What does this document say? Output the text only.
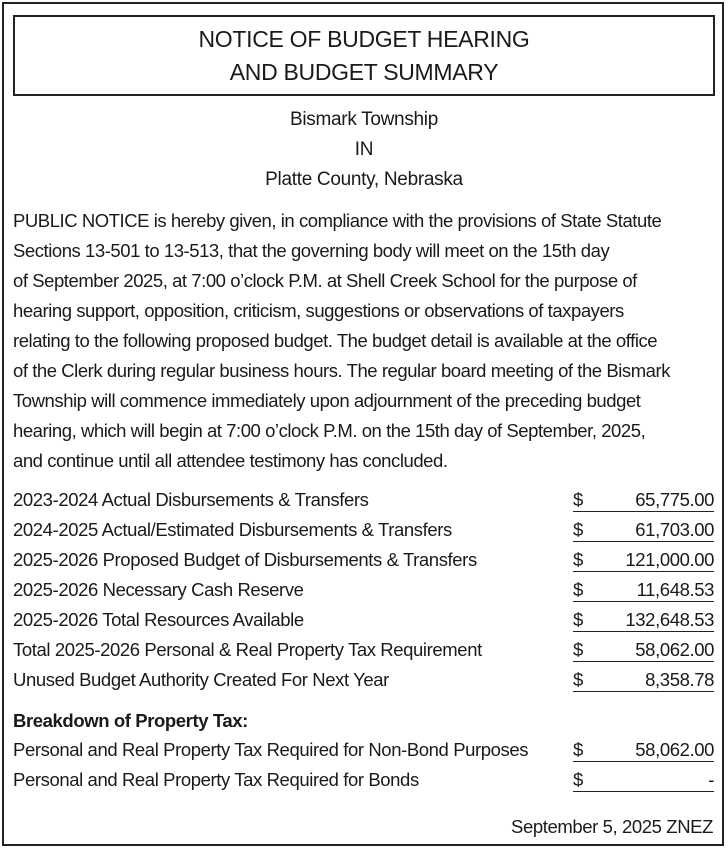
NOTICE OF BUDGET HEARING
AND BUDGET SUMMARY
Bismark Township
IN
Platte County, Nebraska
PUBLIC NOTICE is hereby given, in compliance with the provisions of State Statute
Sections 13-501 to 13-513, that the governing body will meet on the 15th day
of September 2025, at 7:00 o’clock P.M. at Shell Creek School for the purpose of
hearing support, opposition, criticism, suggestions or observations of taxpayers
relating to the following proposed budget. The budget detail is available at the office
of the Clerk during regular business hours. The regular board meeting of the Bismark
Township will commence immediately upon adjournment of the preceding budget
hearing, which will begin at 7:00 o’clock P.M. on the 15th day of September, 2025,
and continue until all attendee testimony has concluded.
2023-2024 Actual Disbursements & Transfers	$	65,775.00
2024-2025 Actual/Estimated Disbursements & Transfers	$	61,703.00
2025-2026 Proposed Budget of Disbursements & Transfers	$ 121,000.00
2025-2026 Necessary Cash Reserve	$	11,648.53
2025-2026 Total Resources Available	$ 132,648.53
Total 2025-2026 Personal & Real Property Tax Requirement	$	58,062.00
Unused Budget Authority Created For Next Year	$	8,358.78
Breakdown of Property Tax:
Personal and Real Property Tax Required for Non-Bond Purposes $	58,062.00
Personal and Real Property Tax Required for Bonds	$	-
September 5, 2025 ZNEZ
